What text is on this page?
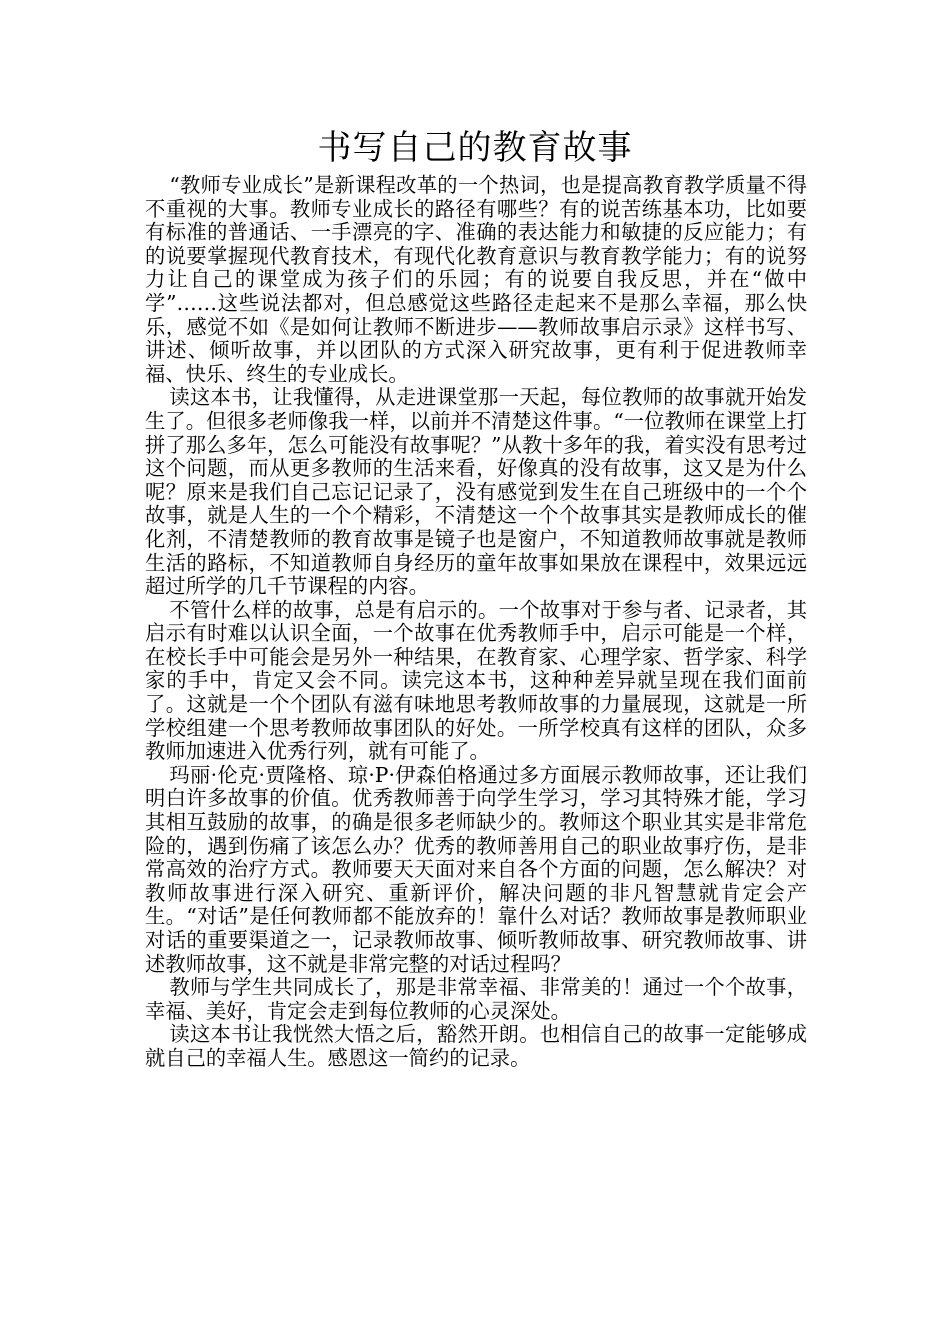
书写自己的教育故事

“教师专业成长”是新课程改革的一个热词，也是提高教育教学质量不得不重视的大事。教师专业成长的路径有哪些？有的说苦练基本功，比如要有标准的普通话、一手漂亮的字、准确的表达能力和敏捷的反应能力；有的说要掌握现代教育技术，有现代化教育意识与教育教学能力；有的说努力让自己的课堂成为孩子们的乐园；有的说要自我反思，并在“做中学”……这些说法都对，但总感觉这些路径走起来不是那么幸福，那么快乐，感觉不如《是如何让教师不断进步——教师故事启示录》这样书写、讲述、倾听故事，并以团队的方式深入研究故事，更有利于促进教师幸福、快乐、终生的专业成长。

读这本书，让我懂得，从走进课堂那一天起，每位教师的故事就开始发生了。但很多老师像我一样，以前并不清楚这件事。“一位教师在课堂上打拼了那么多年，怎么可能没有故事呢？”从教十多年的我，着实没有思考过这个问题，而从更多教师的生活来看，好像真的没有故事，这又是为什么呢？原来是我们自己忘记记录了，没有感觉到发生在自己班级中的一个个故事，就是人生的一个个精彩，不清楚这一个个故事其实是教师成长的催化剂，不清楚教师的教育故事是镜子也是窗户，不知道教师故事就是教师生活的路标，不知道教师自身经历的童年故事如果放在课程中，效果远远超过所学的几千节课程的内容。

不管什么样的故事，总是有启示的。一个故事对于参与者、记录者，其启示有时难以认识全面，一个故事在优秀教师手中，启示可能是一个样，在校长手中可能会是另外一种结果，在教育家、心理学家、哲学家、科学家的手中，肯定又会不同。读完这本书，这种种差异就呈现在我们面前了。这就是一个个团队有滋有味地思考教师故事的力量展现，这就是一所学校组建一个思考教师故事团队的好处。一所学校真有这样的团队，众多教师加速进入优秀行列，就有可能了。

玛丽·伦克·贾隆格、琼·P·伊森伯格通过多方面展示教师故事，还让我们明白许多故事的价值。优秀教师善于向学生学习，学习其特殊才能，学习其相互鼓励的故事，的确是很多老师缺少的。教师这个职业其实是非常危险的，遇到伤痛了该怎么办？优秀的教师善用自己的职业故事疗伤，是非常高效的治疗方式。教师要天天面对来自各个方面的问题，怎么解决？对教师故事进行深入研究、重新评价，解决问题的非凡智慧就肯定会产生。“对话”是任何教师都不能放弃的！靠什么对话？教师故事是教师职业对话的重要渠道之一，记录教师故事、倾听教师故事、研究教师故事、讲述教师故事，这不就是非常完整的对话过程吗？

教师与学生共同成长了，那是非常幸福、非常美的！通过一个个故事，幸福、美好，肯定会走到每位教师的心灵深处。

读这本书让我恍然大悟之后，豁然开朗。也相信自己的故事一定能够成就自己的幸福人生。感恩这一简约的记录。
